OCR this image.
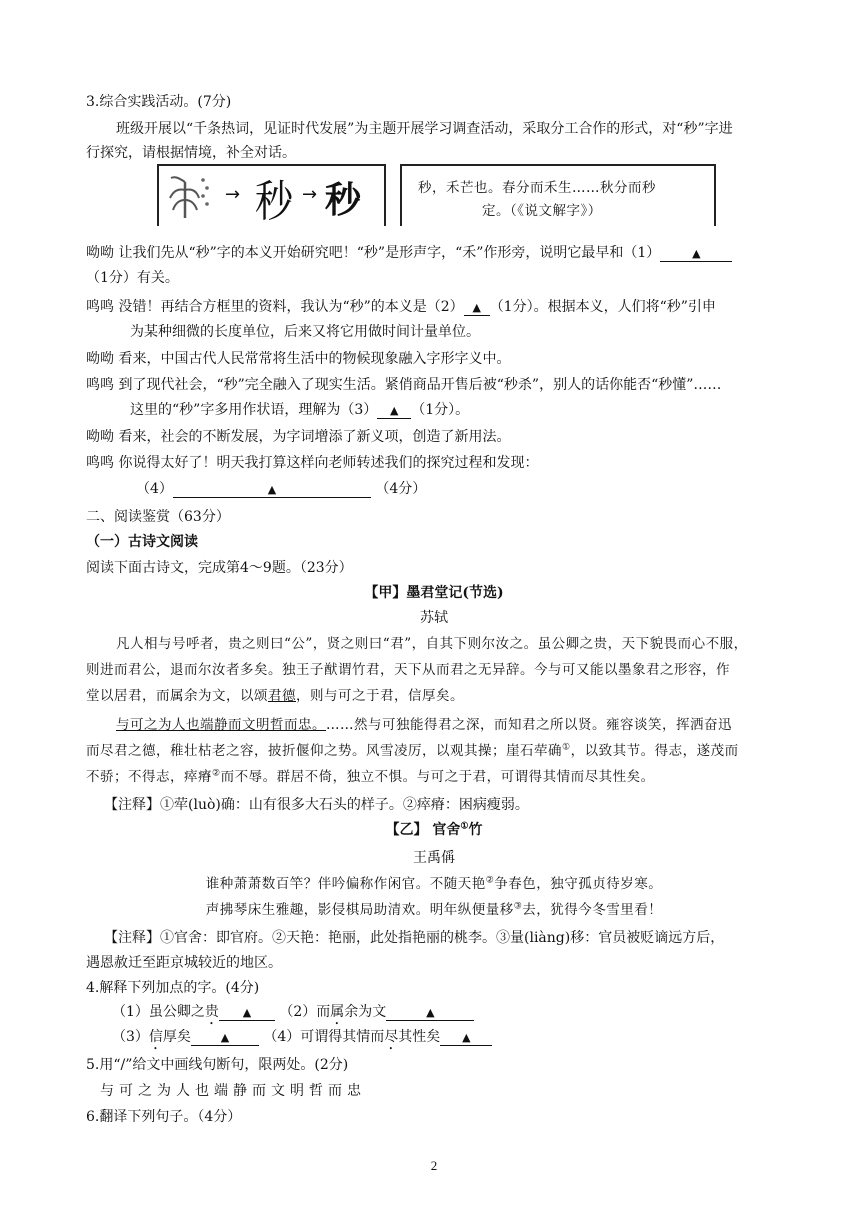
3.综合实践活动。(7分)
班级开展以“千条热词，见证时代发展”为主题开展学习调查活动，采取分工合作的形式，对“秒”字进
行探究，请根据情境，补全对话。
→ 秒 → 秒	秒，禾芒也。春分而禾生……秋分而秒
定。（《说文解字》）
呦呦 让我们先从“秒”字的本义开始研究吧！“秒”是形声字，“禾”作形旁，说明它最早和（1）	▲
（1分）有关。
鸣鸣 没错！再结合方框里的资料，我认为“秒”的本义是（2） ▲ （1分）。根据本义，人们将“秒”引申
为某种细微的长度单位，后来又将它用做时间计量单位。
呦呦 看来，中国古代人民常常将生活中的物候现象融入字形字义中。
鸣鸣 到了现代社会，“秒”完全融入了现实生活。紧俏商品开售后被“秒杀”，别人的话你能否“秒懂”……
这里的“秒”字多用作状语，理解为（3） ▲ （1分）。
呦呦 看来，社会的不断发展，为字词增添了新义项，创造了新用法。
鸣鸣 你说得太好了！明天我打算这样向老师转述我们的探究过程和发现：
（4）	▲	（4分）
二、阅读鉴赏（63分）
（一）古诗文阅读
阅读下面古诗文，完成第4～9题。（23分）
【甲】墨君堂记(节选)
苏轼
凡人相与号呼者，贵之则曰“公”，贤之则曰“君”，自其下则尔汝之。虽公卿之贵，天下貌畏而心不服，
则进而君公，退而尔汝者多矣。独王子猷谓竹君，天下从而君之无异辞。今与可又能以墨象君之形容，作
堂以居君，而属余为文，以颂君德，则与可之于君，信厚矣。
与可之为人也端静而文明哲而忠。……然与可独能得君之深，而知君之所以贤。雍容谈笑，挥洒奋迅
而尽君之德，稚壮枯老之容，披折偃仰之势。风雪凌厉，以观其操；崖石荦确①，以致其节。得志，遂茂而
不骄；不得志，瘁瘠②而不辱。群居不倚，独立不惧。与可之于君，可谓得其情而尽其性矣。
【注释】①荦(luò)确：山有很多大石头的样子。②瘁瘠：困病瘦弱。
【乙】 官舍①竹
王禹偁
谁种萧萧数百竿？伴吟偏称作闲官。不随天艳②争春色，独守孤贞待岁寒。
声拂琴床生雅趣，影侵棋局助清欢。明年纵便量移③去，犹得今冬雪里看！
【注释】①官舍：即官府。②天艳：艳丽，此处指艳丽的桃李。③量(liàng)移：官员被贬谪远方后，
遇恩赦迁至距京城较近的地区。
4.解释下列加点的字。(4分)
（1）虽公卿之贵 ▲ （2）而属余为文	▲
（3）信厚矣	▲ （4）可谓得其情而尽其性矣 ▲
5.用“/”给文中画线句断句，限两处。(2分)
与可之为人也端静而文明哲而忠
6.翻译下列句子。（4分）
2
